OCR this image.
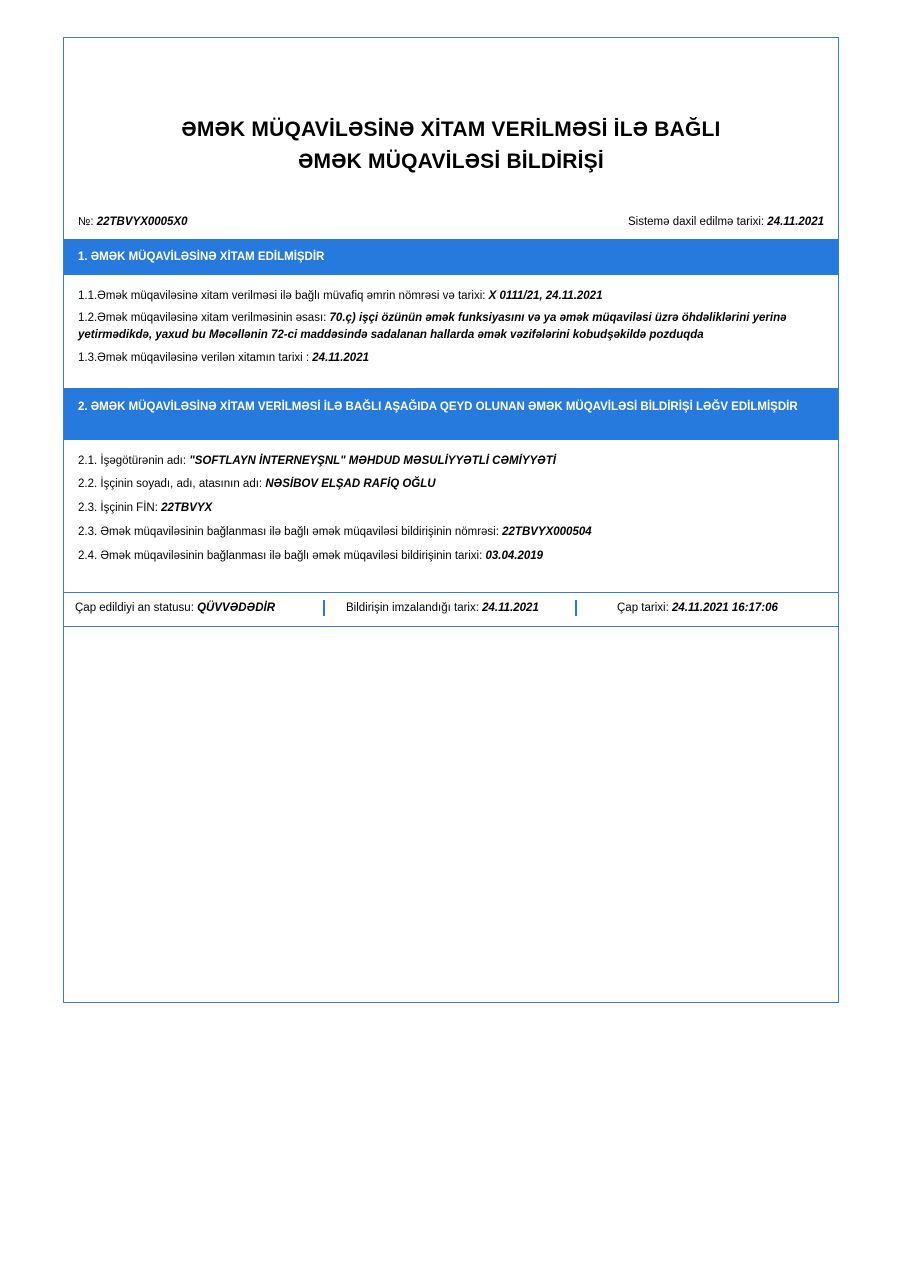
ƏMƏK MÜQAVİLƏSİNƏ XİTAM VERİLMƏSİ İLƏ BAĞLI
ƏMƏK MÜQAVİLƏSİ BİLDİRİŞİ
№: 22TBVYX0005X0	Sistemə daxil edilmə tarixi: 24.11.2021
1. ƏMƏK MÜQAVİLƏSİNƏ XİTAM EDİLMİŞDİR
1.1.Əmək müqaviləsinə xitam verilməsi ilə bağlı müvafiq əmrin nömrəsi və tarixi: X 0111/21, 24.11.2021
1.2.Əmək müqaviləsinə xitam verilməsinin əsası: 70.ç) işçi özünün əmək funksiyasını və ya əmək müqaviləsi üzrə öhdəliklərini yerinə yetirmədikdə, yaxud bu Məcəllənin 72-ci maddəsində sadalanan hallarda əmək vəzifələrini kobudşəkildə pozduqda
1.3.Əmək müqaviləsinə verilən xitamın tarixi : 24.11.2021
2. ƏMƏK MÜQAVİLƏSİNƏ XİTAM VERİLMƏSİ İLƏ BAĞLI AŞAĞIDA QEYD OLUNAN ƏMƏK MÜQAVİLƏSİ BİLDİRİŞİ LƏĞV EDİLMİŞDİR
2.1. İşəgötürənin adı: "SOFTLAYN İNTERNEYŞNL" MƏHDUD MƏSULİYYƏTLİ CƏMİYYƏTİ
2.2. İşçinin soyadı, adı, atasının adı: NƏSİBOV ELŞAD RAFİQ OĞLU
2.3. İşçinin FİN: 22TBVYX
2.3. Əmək müqaviləsinin bağlanması ilə bağlı əmək müqaviləsi bildirişinin nömrəsi: 22TBVYX000504
2.4. Əmək müqaviləsinin bağlanması ilə bağlı əmək müqaviləsi bildirişinin tarixi: 03.04.2019
Çap edildiyi an statusu: QÜVVƏDƏDİR	Bildirişin imzalandığı tarix: 24.11.2021	Çap tarixi: 24.11.2021 16:17:06
